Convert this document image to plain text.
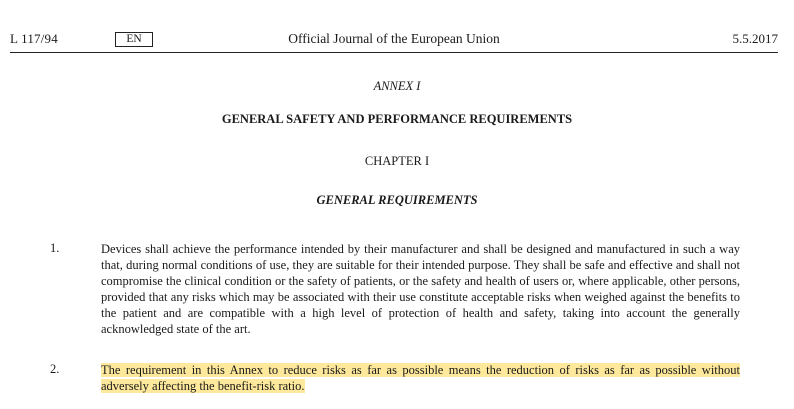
L 117/94	EN	Official Journal of the European Union	5.5.2017
ANNEX I
GENERAL SAFETY AND PERFORMANCE REQUIREMENTS
CHAPTER I
GENERAL REQUIREMENTS
1.	Devices shall achieve the performance intended by their manufacturer and shall be designed and manufactured in such a way that, during normal conditions of use, they are suitable for their intended purpose. They shall be safe and effective and shall not compromise the clinical condition or the safety of patients, or the safety and health of users or, where applicable, other persons, provided that any risks which may be associated with their use constitute acceptable risks when weighed against the benefits to the patient and are compatible with a high level of protection of health and safety, taking into account the generally acknowledged state of the art.
2.	The requirement in this Annex to reduce risks as far as possible means the reduction of risks as far as possible without adversely affecting the benefit-risk ratio.
